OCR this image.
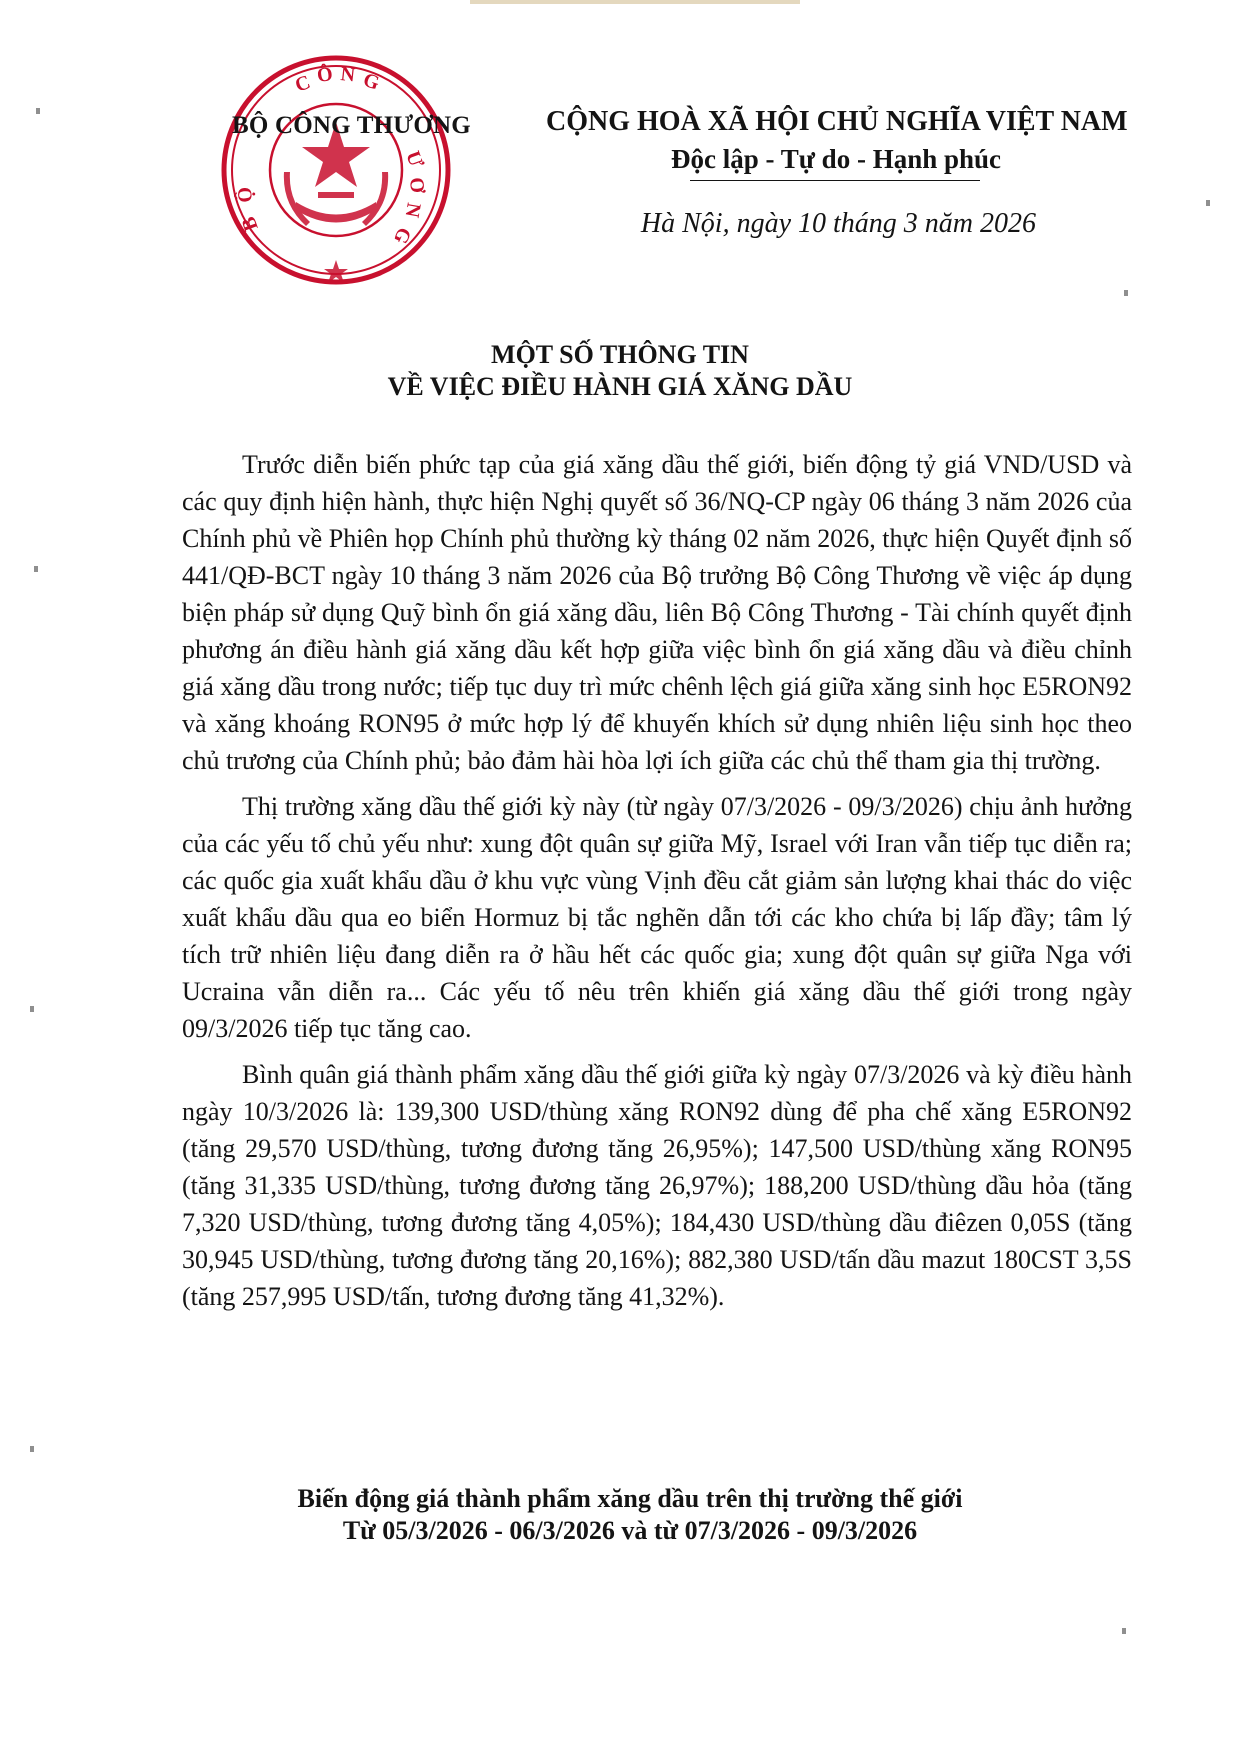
C Ô N G
Ư
Ơ
N
G
B
Ộ
BỘ CÔNG THƯƠNG	CỘNG HOÀ XÃ HỘI CHỦ NGHĨA VIỆT NAM
Độc lập - Tự do - Hạnh phúc
Hà Nội, ngày 10 tháng 3 năm 2026
MỘT SỐ THÔNG TIN
VỀ VIỆC ĐIỀU HÀNH GIÁ XĂNG DẦU

Trước diễn biến phức tạp của giá xăng dầu thế giới, biến động tỷ giá VND/USD và các quy định hiện hành, thực hiện Nghị quyết số 36/NQ-CP ngày 06 tháng 3 năm 2026 của Chính phủ về Phiên họp Chính phủ thường kỳ tháng 02 năm 2026, thực hiện Quyết định số 441/QĐ-BCT ngày 10 tháng 3 năm 2026 của Bộ trưởng Bộ Công Thương về việc áp dụng biện pháp sử dụng Quỹ bình ổn giá xăng dầu, liên Bộ Công Thương - Tài chính quyết định phương án điều hành giá xăng dầu kết hợp giữa việc bình ổn giá xăng dầu và điều chỉnh giá xăng dầu trong nước; tiếp tục duy trì mức chênh lệch giá giữa xăng sinh học E5RON92 và xăng khoáng RON95 ở mức hợp lý để khuyến khích sử dụng nhiên liệu sinh học theo chủ trương của Chính phủ; bảo đảm hài hòa lợi ích giữa các chủ thể tham gia thị trường.

Thị trường xăng dầu thế giới kỳ này (từ ngày 07/3/2026 - 09/3/2026) chịu ảnh hưởng của các yếu tố chủ yếu như: xung đột quân sự giữa Mỹ, Israel với Iran vẫn tiếp tục diễn ra; các quốc gia xuất khẩu dầu ở khu vực vùng Vịnh đều cắt giảm sản lượng khai thác do việc xuất khẩu dầu qua eo biển Hormuz bị tắc nghẽn dẫn tới các kho chứa bị lấp đầy; tâm lý tích trữ nhiên liệu đang diễn ra ở hầu hết các quốc gia; xung đột quân sự giữa Nga với Ucraina vẫn diễn ra... Các yếu tố nêu trên khiến giá xăng dầu thế giới trong ngày 09/3/2026 tiếp tục tăng cao.

Bình quân giá thành phẩm xăng dầu thế giới giữa kỳ ngày 07/3/2026 và kỳ điều hành ngày 10/3/2026 là: 139,300 USD/thùng xăng RON92 dùng để pha chế xăng E5RON92 (tăng 29,570 USD/thùng, tương đương tăng 26,95%); 147,500 USD/thùng xăng RON95 (tăng 31,335 USD/thùng, tương đương tăng 26,97%); 188,200 USD/thùng dầu hỏa (tăng 7,320 USD/thùng, tương đương tăng 4,05%); 184,430 USD/thùng dầu điêzen 0,05S (tăng 30,945 USD/thùng, tương đương tăng 20,16%); 882,380 USD/tấn dầu mazut 180CST 3,5S (tăng 257,995 USD/tấn, tương đương tăng 41,32%).

Biến động giá thành phẩm xăng dầu trên thị trường thế giới
Từ 05/3/2026 - 06/3/2026 và từ 07/3/2026 - 09/3/2026
